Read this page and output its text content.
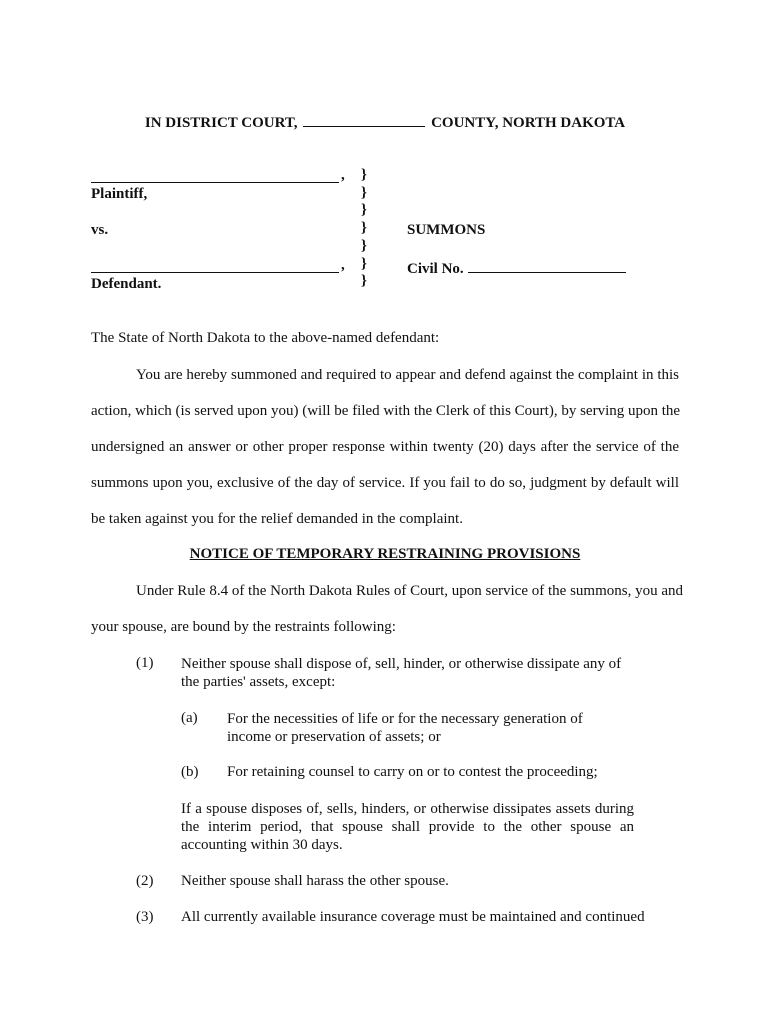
IN DISTRICT COURT,	COUNTY, NORTH DAKOTA
,
Plaintiff,
vs.
,
Defendant.
}
}
}
}
}
}
}
SUMMONS
Civil No.
The State of North Dakota to the above-named defendant:
You are hereby summoned and required to appear and defend against the complaint in this
action, which (is served upon you) (will be filed with the Clerk of this Court), by serving upon the
undersigned an answer or other proper response within twenty (20) days after the service of the
summons upon you, exclusive of the day of service. If you fail to do so, judgment by default will
be taken against you for the relief demanded in the complaint.
NOTICE OF TEMPORARY RESTRAINING PROVISIONS
Under Rule 8.4 of the North Dakota Rules of Court, upon service of the summons, you and
your spouse, are bound by the restraints following:
(1) Neither spouse shall dispose of, sell, hinder, or otherwise dissipate any of the parties' assets, except:
(a) For the necessities of life or for the necessary generation of income or preservation of assets; or
(b) For retaining counsel to carry on or to contest the proceeding;
If a spouse disposes of, sells, hinders, or otherwise dissipates assets during the interim period, that spouse shall provide to the other spouse an accounting within 30 days.
(2) Neither spouse shall harass the other spouse.
(3) All currently available insurance coverage must be maintained and continued
